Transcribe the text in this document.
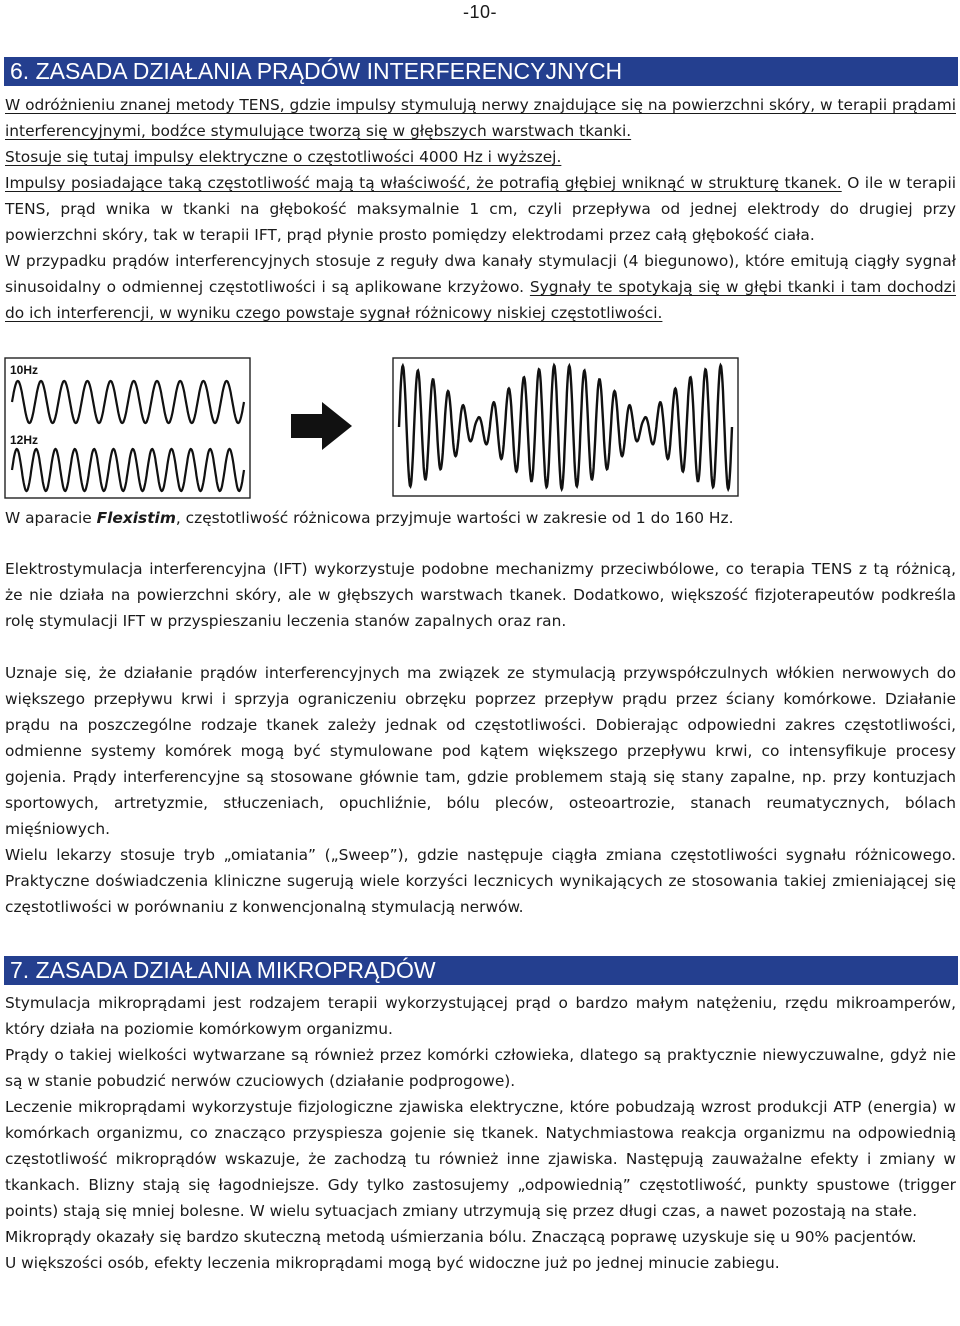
-10-
6. ZASADA DZIAŁANIA PRĄDÓW INTERFERENCYJNYCH

W odróżnieniu znanej metody TENS, gdzie impulsy stymulują nerwy znajdujące się na powierzchni skóry, w terapii prądami interferencyjnymi, bodźce stymulujące tworzą się w głębszych warstwach tkanki.
Stosuje się tutaj impulsy elektryczne o częstotliwości 4000 Hz i wyższej.
Impulsy posiadające taką częstotliwość mają tą właściwość, że potrafią głębiej wniknąć w strukturę tkanek. O ile w terapii TENS, prąd wnika w tkanki na głębokość maksymalnie 1 cm, czyli przepływa od jednej elektrody do drugiej przy powierzchni skóry, tak w terapii IFT, prąd płynie prosto pomiędzy elektrodami przez całą głębokość ciała.

W przypadku prądów interferencyjnych stosuje z reguły dwa kanały stymulacji (4 biegunowo), które emitują ciągły sygnał sinusoidalny o odmiennej częstotliwości i są aplikowane krzyżowo. Sygnały te spotykają się w głębi tkanki i tam dochodzi do ich interferencji, w wyniku czego powstaje sygnał różnicowy niskiej częstotliwości.

10Hz
12Hz

W aparacie Flexistim, częstotliwość różnicowa przyjmuje wartości w zakresie od 1 do 160 Hz.

Elektrostymulacja interferencyjna (IFT) wykorzystuje podobne mechanizmy przeciwbólowe, co terapia TENS z tą różnicą, że nie działa na powierzchni skóry, ale w głębszych warstwach tkanek. Dodatkowo, większość fizjoterapeutów podkreśla rolę stymulacji IFT w przyspieszaniu leczenia stanów zapalnych oraz ran.

Uznaje się, że działanie prądów interferencyjnych ma związek ze stymulacją przywspółczulnych włókien nerwowych do większego przepływu krwi i sprzyja ograniczeniu obrzęku poprzez przepływ prądu przez ściany komórkowe. Działanie prądu na poszczególne rodzaje tkanek zależy jednak od częstotliwości. Dobierając odpowiedni zakres częstotliwości, odmienne systemy komórek mogą być stymulowane pod kątem większego przepływu krwi, co intensyfikuje procesy gojenia. Prądy interferencyjne są stosowane głównie tam, gdzie problemem stają się stany zapalne, np. przy kontuzjach sportowych, artretyzmie, stłuczeniach, opuchliźnie, bólu pleców, osteoartrozie, stanach reumatycznych, bólach mięśniowych.

Wielu lekarzy stosuje tryb „omiatania” („Sweep”), gdzie następuje ciągła zmiana częstotliwości sygnału różnicowego. Praktyczne doświadczenia kliniczne sugerują wiele korzyści lecznicych wynikających ze stosowania takiej zmieniającej się częstotliwości w porównaniu z konwencjonalną stymulacją nerwów.

7. ZASADA DZIAŁANIA MIKROPRĄDÓW

Stymulacja mikroprądami jest rodzajem terapii wykorzystującej prąd o bardzo małym natężeniu, rzędu mikroamperów, który działa na poziomie komórkowym organizmu.

Prądy o takiej wielkości wytwarzane są również przez komórki człowieka, dlatego są praktycznie niewyczuwalne, gdyż nie są w stanie pobudzić nerwów czuciowych (działanie podprogowe).

Leczenie mikroprądami wykorzystuje fizjologiczne zjawiska elektryczne, które pobudzają wzrost produkcji ATP (energia) w komórkach organizmu, co znacząco przyspiesza gojenie się tkanek. Natychmiastowa reakcja organizmu na odpowiednią częstotliwość mikroprądów wskazuje, że zachodzą tu również inne zjawiska. Następują zauważalne efekty i zmiany w tkankach. Blizny stają się łagodniejsze. Gdy tylko zastosujemy „odpowiednią” częstotliwość, punkty spustowe (trigger points) stają się mniej bolesne. W wielu sytuacjach zmiany utrzymują się przez długi czas, a nawet pozostają na stałe.

Mikroprądy okazały się bardzo skuteczną metodą uśmierzania bólu. Znaczącą poprawę uzyskuje się u 90% pacjentów.

U większości osób, efekty leczenia mikroprądami mogą być widoczne już po jednej minucie zabiegu.
